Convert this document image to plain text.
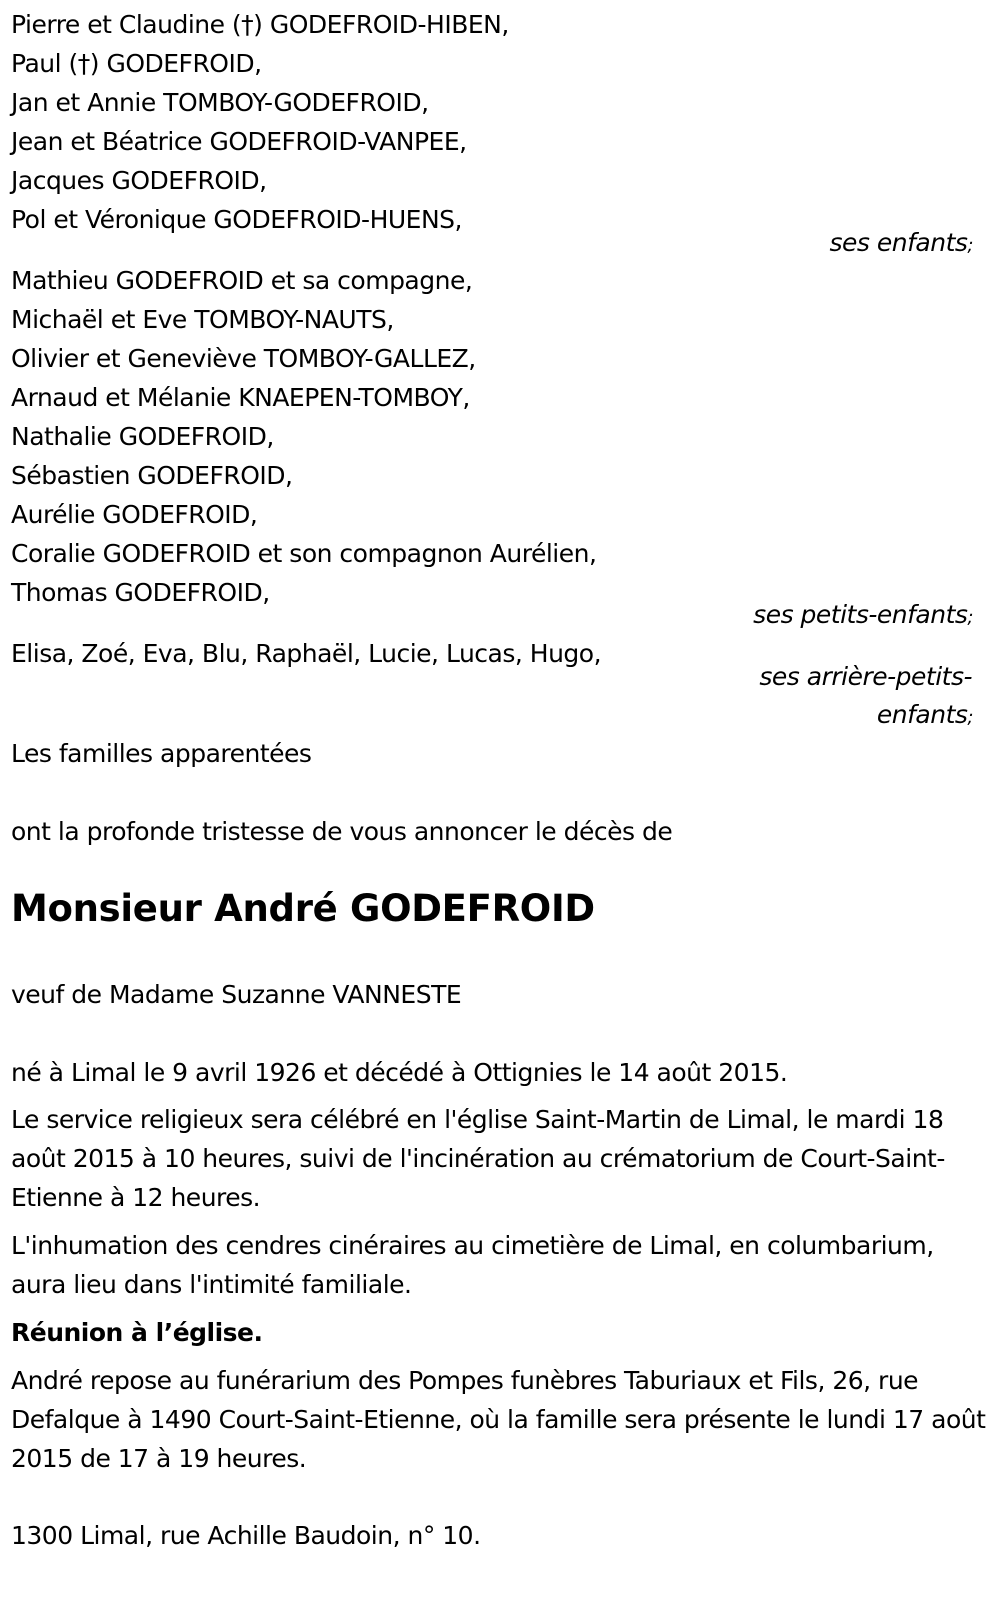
Pierre et Claudine (†) GODEFROID-HIBEN,
Paul (†) GODEFROID,
Jan et Annie TOMBOY-GODEFROID,
Jean et Béatrice GODEFROID-VANPEE,
Jacques GODEFROID,
Pol et Véronique GODEFROID-HUENS,
ses enfants;
Mathieu GODEFROID et sa compagne,
Michaël et Eve TOMBOY-NAUTS,
Olivier et Geneviève TOMBOY-GALLEZ,
Arnaud et Mélanie KNAEPEN-TOMBOY,
Nathalie GODEFROID,
Sébastien GODEFROID,
Aurélie GODEFROID,
Coralie GODEFROID et son compagnon Aurélien,
Thomas GODEFROID,
ses petits-enfants;
Elisa, Zoé, Eva, Blu, Raphaël, Lucie, Lucas, Hugo,
ses arrière-petits-
enfants;
Les familles apparentées
ont la profonde tristesse de vous annoncer le décès de
Monsieur André GODEFROID
veuf de Madame Suzanne VANNESTE
né à Limal le 9 avril 1926 et décédé à Ottignies le 14 août 2015.
Le service religieux sera célébré en l'église Saint-Martin de Limal, le mardi 18 août 2015 à 10 heures, suivi de l'incinération au crématorium de Court-Saint-Etienne à 12 heures.
L'inhumation des cendres cinéraires au cimetière de Limal, en columbarium, aura lieu dans l'intimité familiale.
Réunion à l’église.
André repose au funérarium des Pompes funèbres Taburiaux et Fils, 26, rue Defalque à 1490 Court-Saint-Etienne, où la famille sera présente le lundi 17 août 2015 de 17 à 19 heures.
1300 Limal, rue Achille Baudoin, n° 10.
